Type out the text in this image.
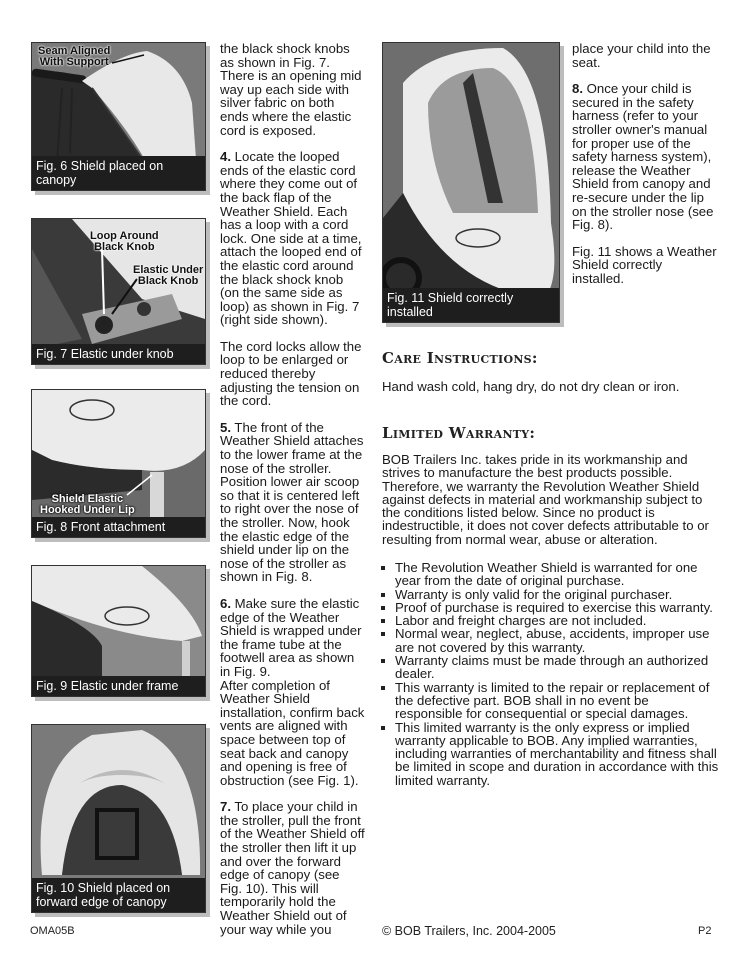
Seam Aligned
With Support
Fig. 6 Shield placed on canopy
Loop Around
Black Knob
Elastic Under
Black Knob
Fig. 7 Elastic under knob
Shield Elastic
Hooked Under Lip
Fig. 8 Front attachment
Fig. 9 Elastic under frame
Fig. 10 Shield placed on
forward edge of canopy

the black shock knobs as shown in Fig. 7. There is an opening mid way up each side with silver fabric on both ends where the elastic cord is exposed.

4. Locate the looped ends of the elastic cord where they come out of the back flap of the Weather Shield. Each has a loop with a cord lock. One side at a time, attach the looped end of the elastic cord around the black shock knob (on the same side as loop) as shown in Fig. 7 (right side shown).

The cord locks allow the loop to be enlarged or reduced thereby adjusting the tension on the cord.

5. The front of the Weather Shield attaches to the lower frame at the nose of the stroller. Position lower air scoop so that it is centered left to right over the nose of the stroller. Now, hook the elastic edge of the shield under lip on the nose of the stroller as shown in Fig. 8.

6. Make sure the elastic edge of the Weather Shield is wrapped under the frame tube at the footwell area as shown in Fig. 9.

After completion of Weather Shield installation, confirm back vents are aligned with space between top of seat back and canopy and opening is free of obstruction (see Fig. 1).

7. To place your child in the stroller, pull the front of the Weather Shield off the stroller then lift it up and over the forward edge of canopy (see Fig. 10). This will temporarily hold the Weather Shield out of your way while you

Fig. 11 Shield correctly installed

place your child into the seat.

8. Once your child is secured in the safety harness (refer to your stroller owner's manual for proper use of the safety harness system), release the Weather Shield from canopy and re-secure under the lip on the stroller nose (see Fig. 8).

Fig. 11 shows a Weather Shield correctly installed.

Care Instructions:
Hand wash cold, hang dry, do not dry clean or iron.
Limited Warranty:
BOB Trailers Inc. takes pride in its workmanship and strives to manufacture the best products possible. Therefore, we warranty the Revolution Weather Shield against defects in material and workmanship subject to the conditions listed below. Since no product is indestructible, it does not cover defects attributable to or resulting from normal wear, abuse or alteration.
The Revolution Weather Shield is warranted for one year from the date of original purchase.
Warranty is only valid for the original purchaser.
Proof of purchase is required to exercise this warranty.
Labor and freight charges are not included.
Normal wear, neglect, abuse, accidents, improper use are not covered by this warranty.
Warranty claims must be made through an authorized dealer.
This warranty is limited to the repair or replacement of the defective part. BOB shall in no event be responsible for consequential or special damages.
This limited warranty is the only express or implied warranty applicable to BOB. Any implied warranties, including warranties of merchantability and fitness shall be limited in scope and duration in accordance with this limited warranty.
OMA05B	© BOB Trailers, Inc. 2004-2005	P2
